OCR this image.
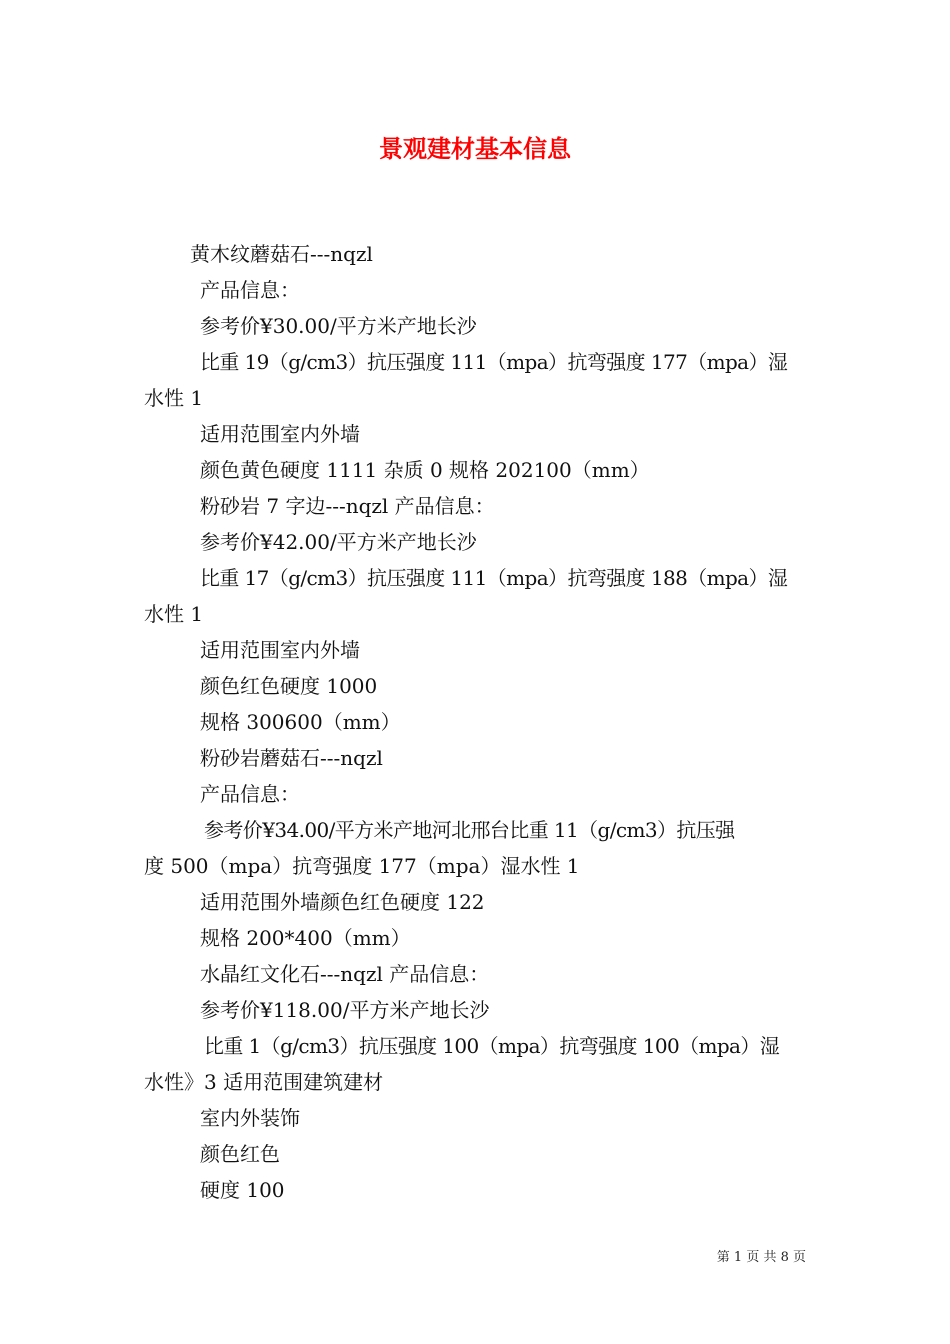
景观建材基本信息
黄木纹蘑菇石---nqzl
产品信息：
参考价¥30.00/平方米产地长沙
比重 19（g/cm3）抗压强度 111（mpa）抗弯强度 177（mpa）湿
水性 1
适用范围室内外墙
颜色黄色硬度 1111 杂质 0 规格 202100（mm）
粉砂岩 7 字边---nqzl 产品信息：
参考价¥42.00/平方米产地长沙
比重 17（g/cm3）抗压强度 111（mpa）抗弯强度 188（mpa）湿
水性 1
适用范围室内外墙
颜色红色硬度 1000
规格 300600（mm）
粉砂岩蘑菇石---nqzl
产品信息：
参考价¥34.00/平方米产地河北邢台比重 11（g/cm3）抗压强
度 500（mpa）抗弯强度 177（mpa）湿水性 1
适用范围外墙颜色红色硬度 122
规格 200*400（mm）
水晶红文化石---nqzl 产品信息：
参考价¥118.00/平方米产地长沙
比重 1（g/cm3）抗压强度 100（mpa）抗弯强度 100（mpa）湿
水性》3 适用范围建筑建材
室内外装饰
颜色红色
硬度 100
第 1 页 共 8 页
